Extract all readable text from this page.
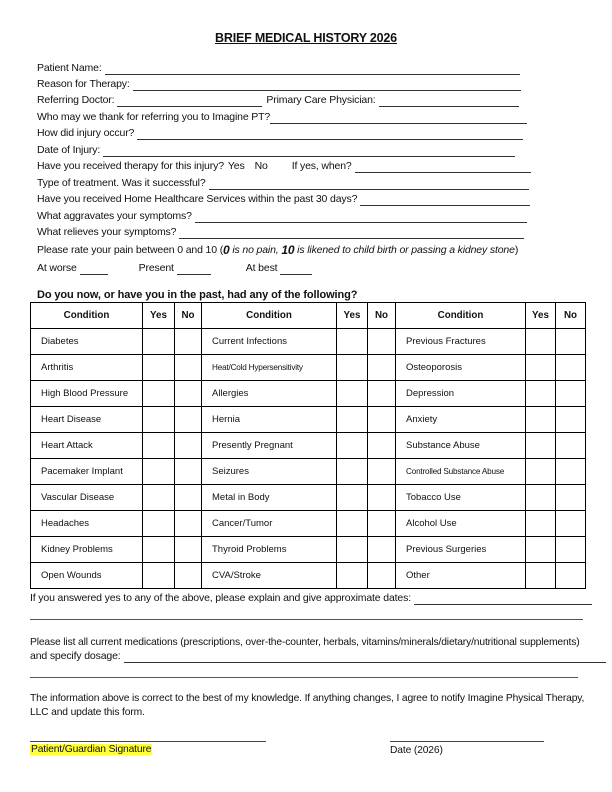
BRIEF MEDICAL HISTORY 2026
Patient Name:
Reason for Therapy:
Referring Doctor:	Primary Care Physician:
Who may we thank for referring you to Imagine PT?
How did injury occur?
Date of Injury:
Have you received therapy for this injury? Yes No If yes, when?
Type of treatment. Was it successful?
Have you received Home Healthcare Services within the past 30 days?
What aggravates your symptoms?
What relieves your symptoms?
Please rate your pain between 0 and 10 ( 0 is no pain, 10 is likened to child birth or passing a kidney stone )
At worse	Present	At best
Do you now, or have you in the past, had any of the following?
Condition	Yes	No	Condition	Yes	No	Condition	Yes	No
Diabetes			Current Infections			Previous Fractures		
Arthritis			Heat/Cold Hypersensitivity			Osteoporosis		
High Blood Pressure			Allergies			Depression		
Heart Disease			Hernia			Anxiety		
Heart Attack			Presently Pregnant			Substance Abuse		
Pacemaker Implant			Seizures			Controlled Substance Abuse		
Vascular Disease			Metal in Body			Tobacco Use		
Headaches			Cancer/Tumor			Alcohol Use		
Kidney Problems			Thyroid Problems			Previous Surgeries		
Open Wounds			CVA/Stroke			Other		
If you answered yes to any of the above, please explain and give approximate dates:
Please list all current medications (prescriptions, over-the-counter, herbals, vitamins/minerals/dietary/nutritional supplements)
and specify dosage:
The information above is correct to the best of my knowledge. If anything changes, I agree to notify Imagine Physical Therapy,
LLC and update this form.
Patient/Guardian Signature	Date (2026)
